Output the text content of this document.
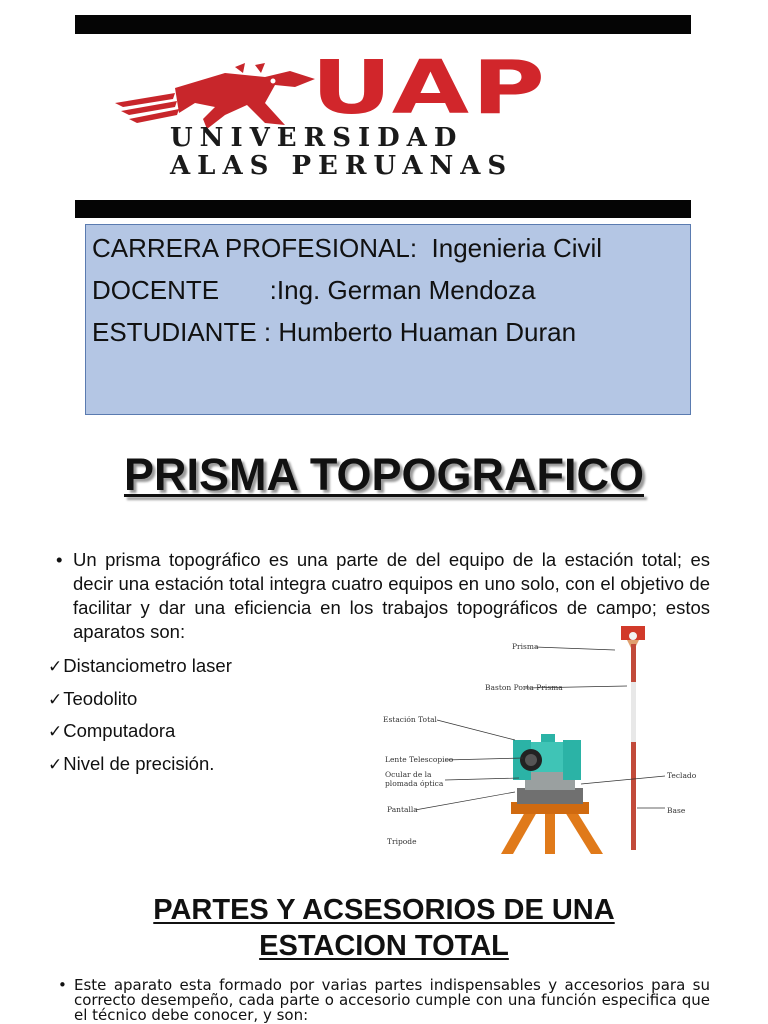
UAP
UNIVERSIDAD
ALAS PERUANAS
CARRERA PROFESIONAL:  Ingenieria Civil
DOCENTE       :Ing. German Mendoza
ESTUDIANTE : Humberto Huaman Duran
PRISMA TOPOGRAFICO
• Un prisma topográfico es una parte de del equipo de la estación total; es decir una estación total integra cuatro equipos en uno solo, con el objetivo de facilitar y dar una eficiencia en los trabajos topográficos de campo; estos aparatos son:
✓Distanciometro laser
✓Teodolito
✓Computadora
✓Nivel de precisión.
Prisma
Baston Porta Prisma
Estación Total
Lente Telescopico
Ocular de la
plomada óptica
Pantalla
Tripode
Teclado
Base
PARTES Y ACSESORIOS DE UNA ESTACION TOTAL
• Este aparato esta formado por varias partes indispensables y accesorios para su correcto desempeño, cada parte o accesorio cumple con una función especifica que el técnico debe conocer, y son:
